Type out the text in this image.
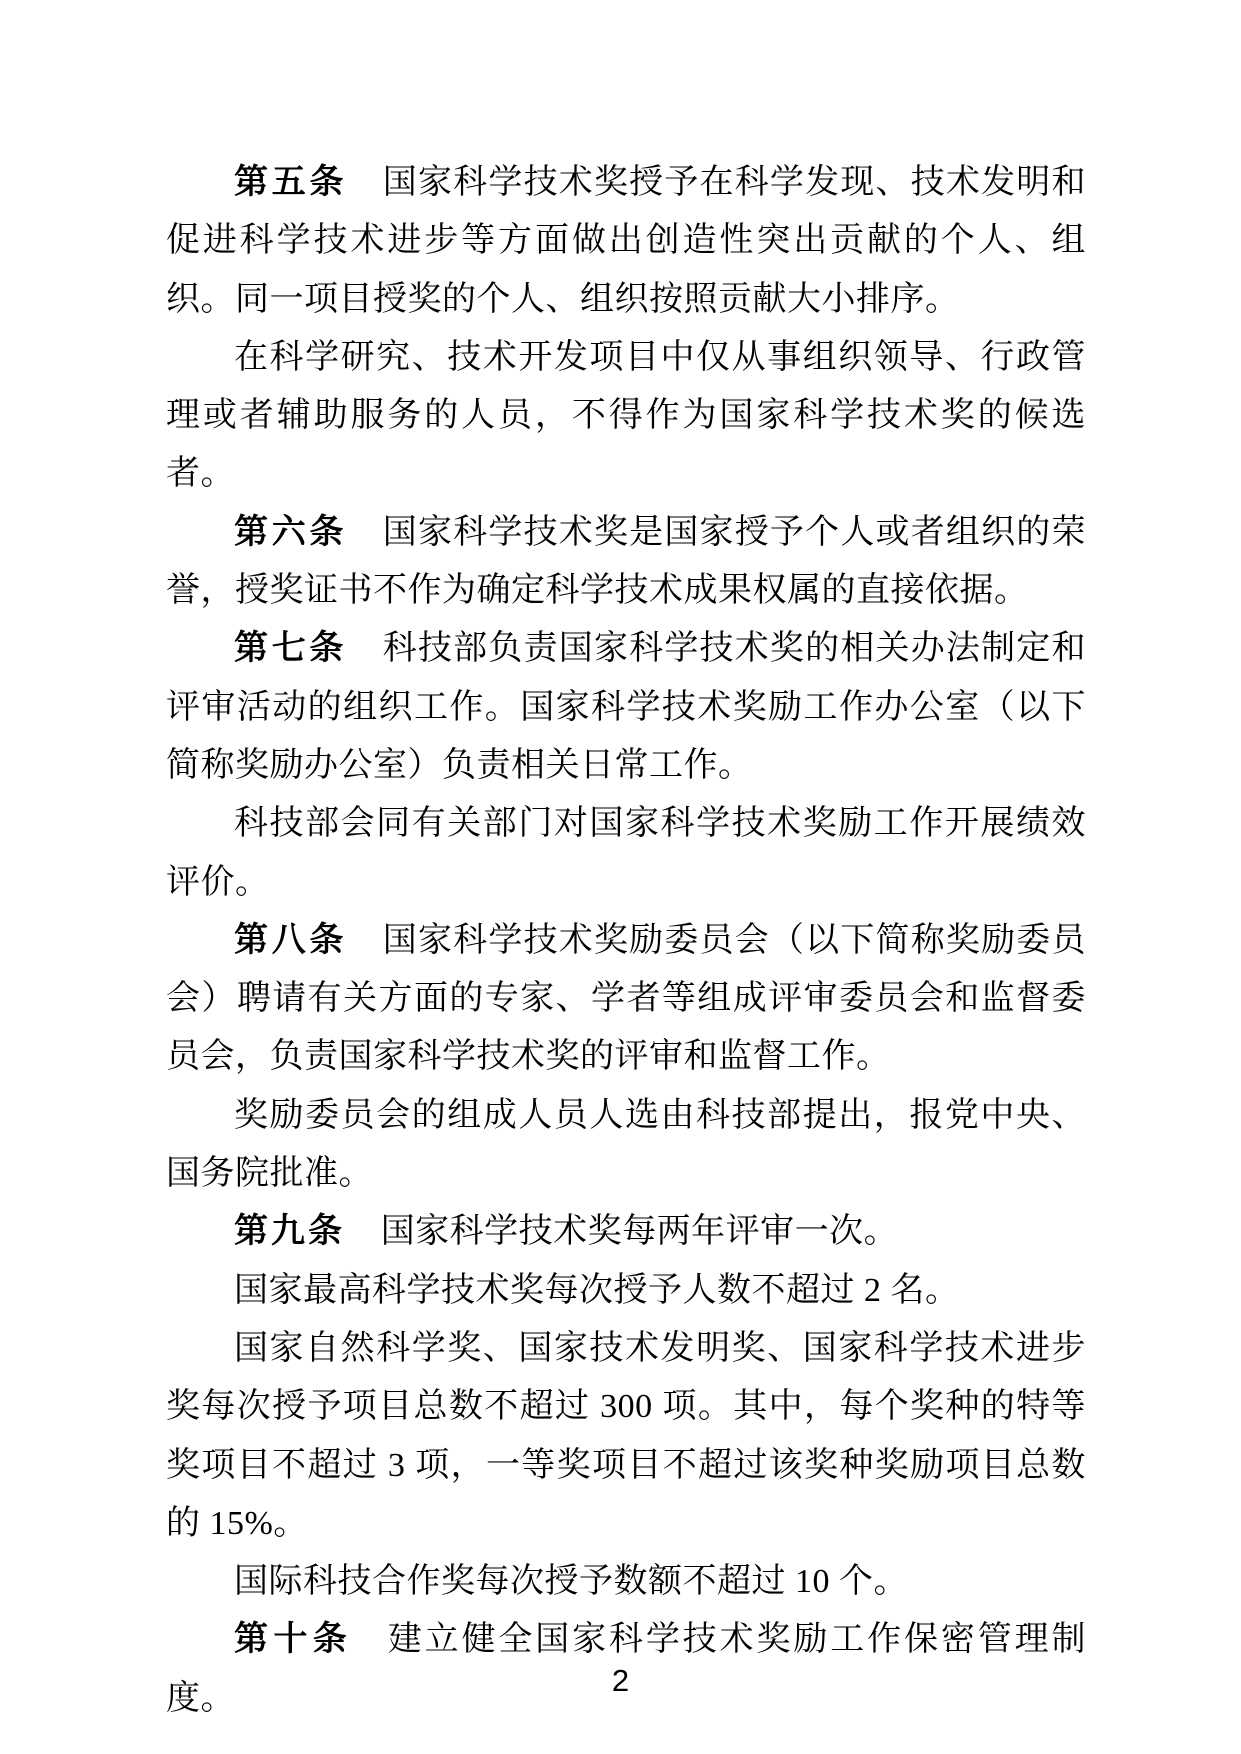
第五条 国家科学技术奖授予在科学发现、技术发明和促进科学技术进步等方面做出创造性突出贡献的个人、组织。同一项目授奖的个人、组织按照贡献大小排序。

在科学研究、技术开发项目中仅从事组织领导、行政管理或者辅助服务的人员，不得作为国家科学技术奖的候选者。

第六条 国家科学技术奖是国家授予个人或者组织的荣誉，授奖证书不作为确定科学技术成果权属的直接依据。

第七条 科技部负责国家科学技术奖的相关办法制定和评审活动的组织工作。国家科学技术奖励工作办公室（以下简称奖励办公室）负责相关日常工作。

科技部会同有关部门对国家科学技术奖励工作开展绩效评价。

第八条 国家科学技术奖励委员会（以下简称奖励委员会）聘请有关方面的专家、学者等组成评审委员会和监督委员会，负责国家科学技术奖的评审和监督工作。

奖励委员会的组成人员人选由科技部提出，报党中央、国务院批准。

第九条 国家科学技术奖每两年评审一次。

国家最高科学技术奖每次授予人数不超过 2 名。

国家自然科学奖、国家技术发明奖、国家科学技术进步奖每次授予项目总数不超过 300 项。其中，每个奖种的特等奖项目不超过 3 项，一等奖项目不超过该奖种奖励项目总数的 15%。

国际科技合作奖每次授予数额不超过 10 个。

第十条 建立健全国家科学技术奖励工作保密管理制度。	2
